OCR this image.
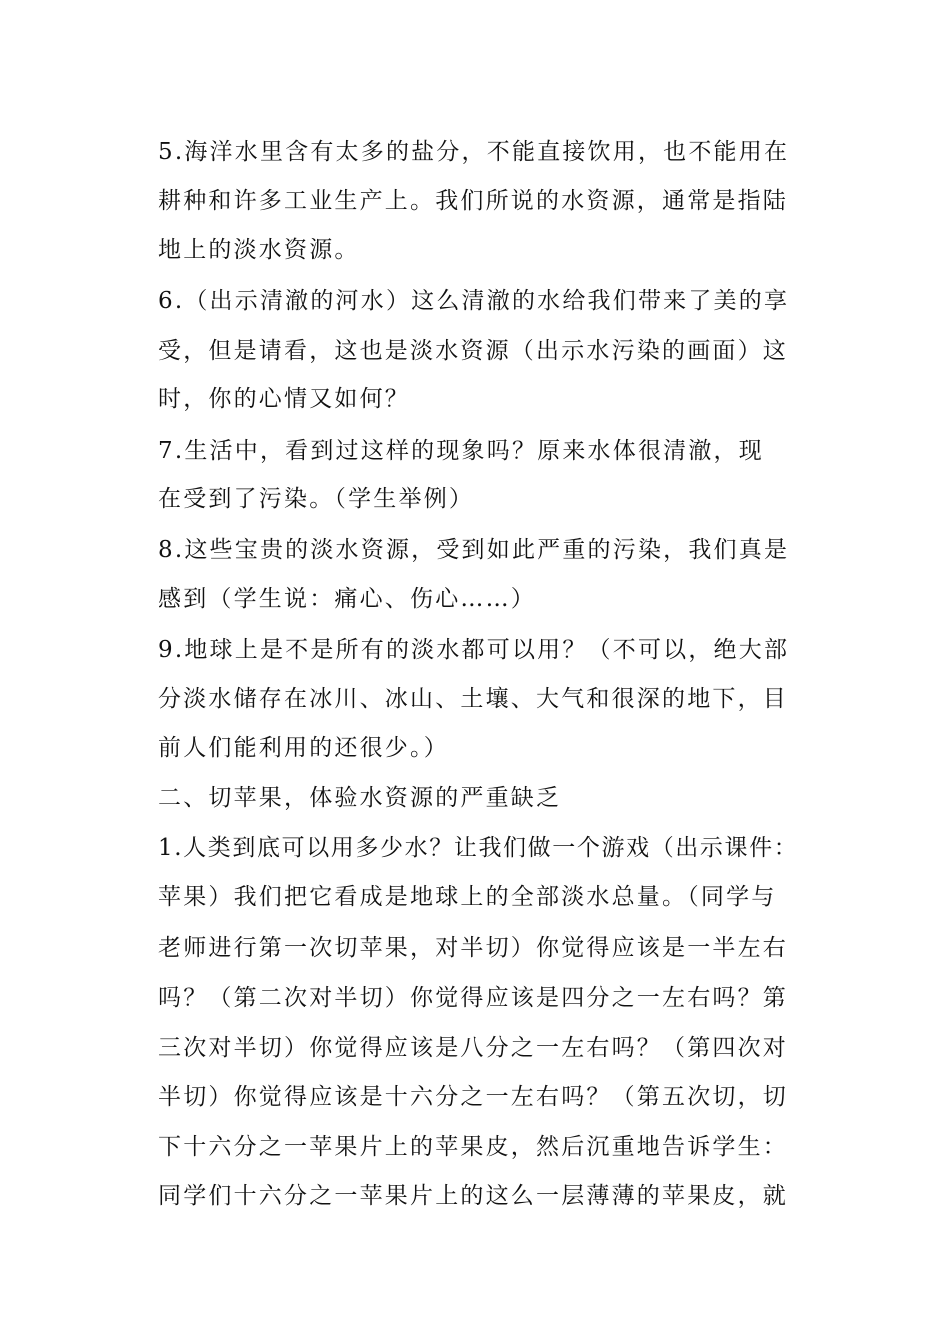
5.海洋水里含有太多的盐分，不能直接饮用，也不能用在
耕种和许多工业生产上。我们所说的水资源，通常是指陆
地上的淡水资源。
6.（出示清澈的河水）这么清澈的水给我们带来了美的享
受，但是请看，这也是淡水资源（出示水污染的画面）这
时，你的心情又如何？
7.生活中，看到过这样的现象吗？原来水体很清澈，现
在受到了污染。（学生举例）
8.这些宝贵的淡水资源，受到如此严重的污染，我们真是
感到（学生说：痛心、伤心……）
9.地球上是不是所有的淡水都可以用？（不可以，绝大部
分淡水储存在冰川、冰山、土壤、大气和很深的地下，目
前人们能利用的还很少。）
二、切苹果，体验水资源的严重缺乏
1.人类到底可以用多少水？让我们做一个游戏（出示课件：
苹果）我们把它看成是地球上的全部淡水总量。（同学与
老师进行第一次切苹果，对半切）你觉得应该是一半左右
吗？（第二次对半切）你觉得应该是四分之一左右吗？第
三次对半切）你觉得应该是八分之一左右吗？（第四次对
半切）你觉得应该是十六分之一左右吗？（第五次切，切
下十六分之一苹果片上的苹果皮，然后沉重地告诉学生：
同学们十六分之一苹果片上的这么一层薄薄的苹果皮，就
